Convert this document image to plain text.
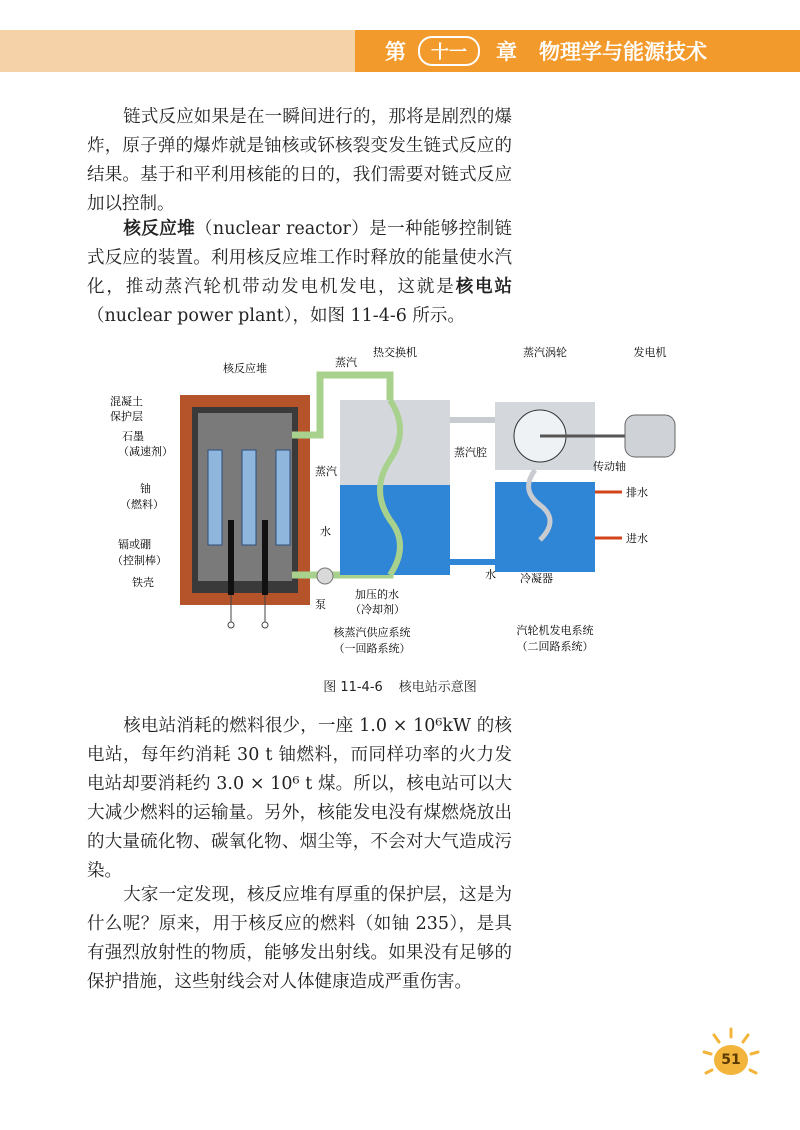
第	十一	章 物理学与能源技术

链式反应如果是在一瞬间进行的，那将是剧烈的爆炸，原子弹的爆炸就是铀核或钚核裂变发生链式反应的结果。基于和平利用核能的日的，我们需要对链式反应加以控制。

核反应堆（nuclear reactor）是一种能够控制链式反应的装置。利用核反应堆工作时释放的能量使水汽化，推动蒸汽轮机带动发电机发电，这就是核电站（nuclear power plant），如图 11-4-6 所示。

核反应堆	蒸汽
热交换机	蒸汽涡轮	发电机
混凝土
保护层
石墨
（减速剂）
铀
（燃料）
镉或硼
（控制棒）
铁壳
蒸汽
水
蒸汽腔
传动轴
排水
进水
水 冷凝器
泵
加压的水
（冷却剂）
核蒸汽供应系统
（一回路系统）
汽轮机发电系统
（二回路系统）
图 11-4-6 核电站示意图

核电站消耗的燃料很少，一座 1.0 × 10⁶kW 的核电站，每年约消耗 30 t 铀燃料，而同样功率的火力发电站却要消耗约 3.0 × 10⁶ t 煤。所以，核电站可以大大减少燃料的运输量。另外，核能发电没有煤燃烧放出的大量硫化物、碳氧化物、烟尘等，不会对大气造成污染。

大家一定发现，核反应堆有厚重的保护层，这是为什么呢？原来，用于核反应的燃料（如铀 235），是具有强烈放射性的物质，能够发出射线。如果没有足够的保护措施，这些射线会对人体健康造成严重伤害。

51
